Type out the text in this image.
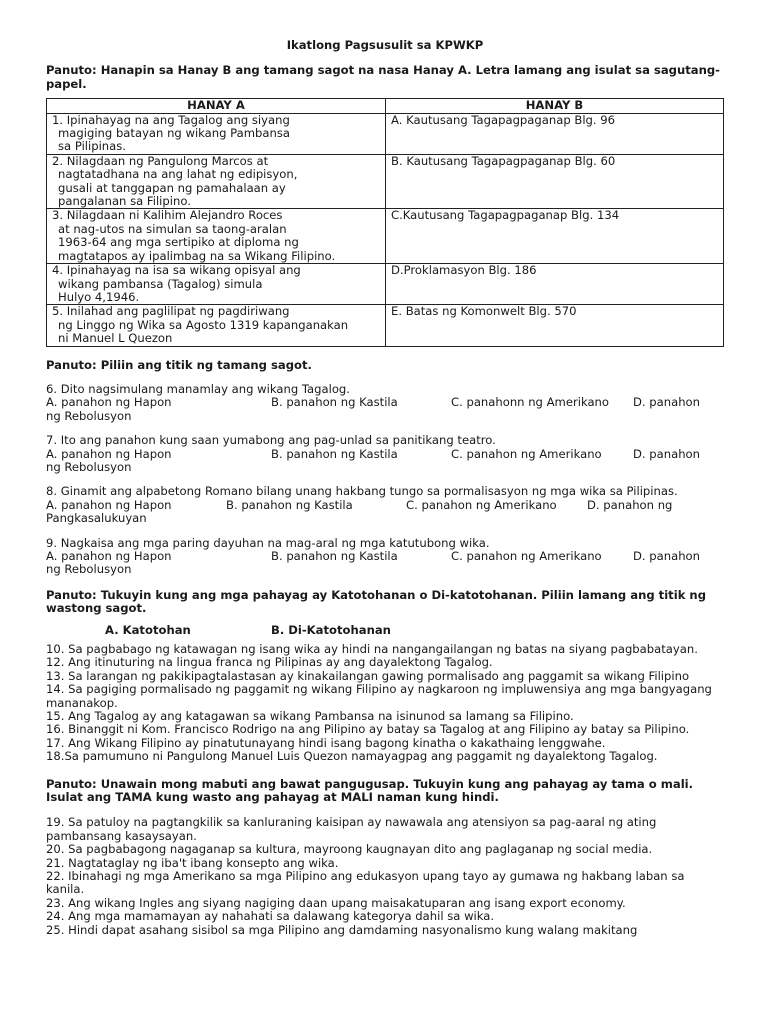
Ikatlong Pagsusulit sa KPWKP

Panuto: Hanapin sa Hanay B ang tamang sagot na nasa Hanay A. Letra lamang ang isulat sa sagutang-papel.

HANAY A	HANAY B

1. Ipinahayag na ang Tagalog ang siyang
magiging batayan ng wikang Pambansa
sa Pilipinas.	A. Kautusang Tagapagpaganap Blg. 96

2. Nilagdaan ng Pangulong Marcos at
nagtatadhana na ang lahat ng edipisyon,
gusali at tanggapan ng pamahalaan ay
pangalanan sa Filipino.	B. Kautusang Tagapagpaganap Blg. 60

3. Nilagdaan ni Kalihim Alejandro Roces
at nag-utos na simulan sa taong-aralan
1963-64 ang mga sertipiko at diploma ng
magtatapos ay ipalimbag na sa Wikang Filipino.	C.Kautusang Tagapagpaganap Blg. 134

4. Ipinahayag na isa sa wikang opisyal ang
wikang pambansa (Tagalog) simula
Hulyo 4,1946.	D.Proklamasyon Blg. 186

5. Inilahad ang paglilipat ng pagdiriwang
ng Linggo ng Wika sa Agosto 1319 kapanganakan
ni Manuel L Quezon	E. Batas ng Komonwelt Blg. 570

Panuto: Piliin ang titik ng tamang sagot.

6. Dito nagsimulang manamlay ang wikang Tagalog.

A. panahon ng Hapon	B. panahon ng Kastila	C. panahonn ng Amerikano D. panahon

ng Rebolusyon

7. Ito ang panahon kung saan yumabong ang pag-unlad sa panitikang teatro.

A. panahon ng Hapon	B. panahon ng Kastila	C. panahon ng Amerikano	D. panahon

ng Rebolusyon

8. Ginamit ang alpabetong Romano bilang unang hakbang tungo sa pormalisasyon ng mga wika sa Pilipinas.

A. panahon ng Hapon	B. panahon ng Kastila	C. panahon ng Amerikano	D. panahon ng

Pangkasalukuyan

9. Nagkaisa ang mga paring dayuhan na mag-aral ng mga katutubong wika.

A. panahon ng Hapon	B. panahon ng Kastila	C. panahon ng Amerikano	D. panahon

ng Rebolusyon

Panuto: Tukuyin kung ang mga pahayag ay Katotohanan o Di-katotohanan. Piliin lamang ang titik ng wastong sagot.

A. Katotohan	B. Di-Katotohanan

10. Sa pagbabago ng katawagan ng isang wika ay hindi na nangangailangan ng batas na siyang pagbabatayan.

12. Ang itinuturing na lingua franca ng Pilipinas ay ang dayalektong Tagalog.

13. Sa larangan ng pakikipagtalastasan ay kinakailangan gawing pormalisado ang paggamit sa wikang Filipino

14. Sa pagiging pormalisado ng paggamit ng wikang Filipino ay nagkaroon ng impluwensiya ang mga bangyagang mananakop.

15. Ang Tagalog ay ang katagawan sa wikang Pambansa na isinunod sa lamang sa Filipino.

16. Binanggit ni Kom. Francisco Rodrigo na ang Pilipino ay batay sa Tagalog at ang Filipino ay batay sa Pilipino.

17. Ang Wikang Filipino ay pinatutunayang hindi isang bagong kinatha o kakathaing lenggwahe.

18.Sa pamumuno ni Pangulong Manuel Luis Quezon namayagpag ang paggamit ng dayalektong Tagalog.

Panuto: Unawain mong mabuti ang bawat pangugusap. Tukuyin kung ang pahayag ay tama o mali. Isulat ang TAMA kung wasto ang pahayag at MALI naman kung hindi.

19. Sa patuloy na pagtangkilik sa kanluraning kaisipan ay nawawala ang atensiyon sa pag-aaral ng ating pambansang kasaysayan.

20. Sa pagbabagong nagaganap sa kultura, mayroong kaugnayan dito ang paglaganap ng social media.

21. Nagtataglay ng iba't ibang konsepto ang wika.

22. Ibinahagi ng mga Amerikano sa mga Pilipino ang edukasyon upang tayo ay gumawa ng hakbang laban sa kanila.

23. Ang wikang Ingles ang siyang nagiging daan upang maisakatuparan ang isang export economy.

24. Ang mga mamamayan ay nahahati sa dalawang kategorya dahil sa wika.

25. Hindi dapat asahang sisibol sa mga Pilipino ang damdaming nasyonalismo kung walang makitang
